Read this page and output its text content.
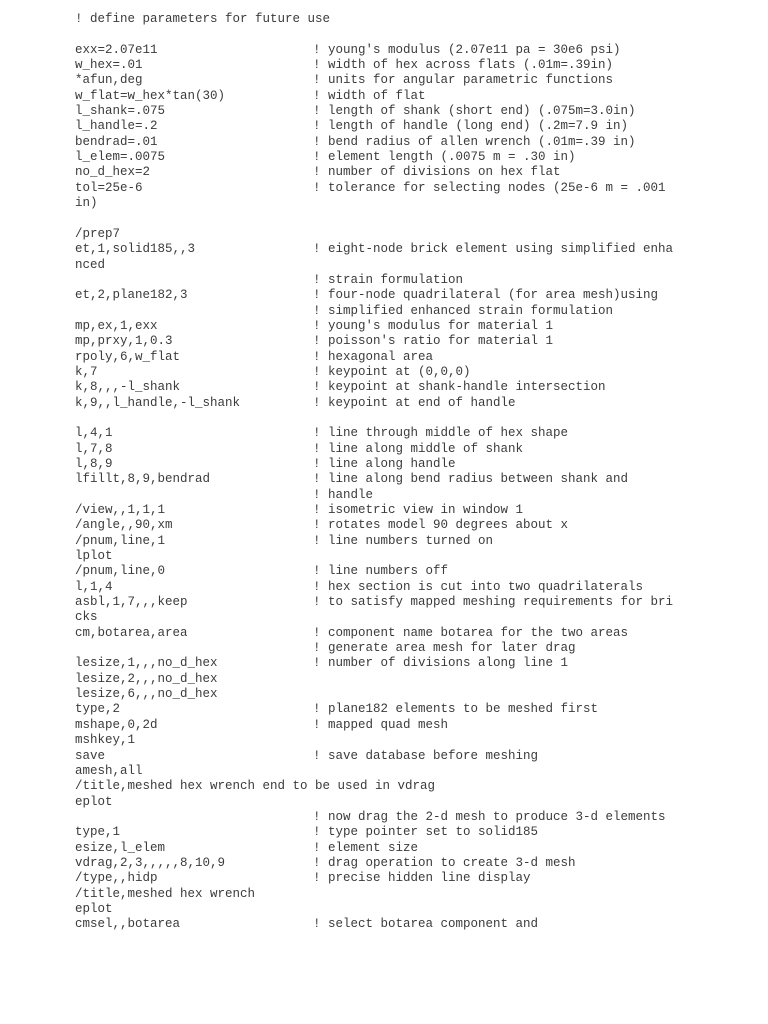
! define parameters for future use
exx=2.07e11	! young's modulus (2.07e11 pa = 30e6 psi)
w_hex=.01	! width of hex across flats (.01m=.39in)
*afun,deg	! units for angular parametric functions
w_flat=w_hex*tan(30)	! width of flat
l_shank=.075	! length of shank (short end) (.075m=3.0in)
l_handle=.2	! length of handle (long end) (.2m=7.9 in)
bendrad=.01	! bend radius of allen wrench (.01m=.39 in)
l_elem=.0075	! element length (.0075 m = .30 in)
no_d_hex=2	! number of divisions on hex flat
tol=25e-6	! tolerance for selecting nodes (25e-6 m = .001
in)
/prep7
et,1,solid185,,3	! eight-node brick element using simplified enha
nced
! strain formulation
et,2,plane182,3	! four-node quadrilateral (for area mesh)using
! simplified enhanced strain formulation
mp,ex,1,exx	! young's modulus for material 1
mp,prxy,1,0.3	! poisson's ratio for material 1
rpoly,6,w_flat	! hexagonal area
k,7	! keypoint at (0,0,0)
k,8,,,-l_shank	! keypoint at shank-handle intersection
k,9,,l_handle,-l_shank	! keypoint at end of handle
l,4,1	! line through middle of hex shape
l,7,8	! line along middle of shank
l,8,9	! line along handle
lfillt,8,9,bendrad	! line along bend radius between shank and
! handle
/view,,1,1,1	! isometric view in window 1
/angle,,90,xm	! rotates model 90 degrees about x
/pnum,line,1	! line numbers turned on
lplot
/pnum,line,0	! line numbers off
l,1,4	! hex section is cut into two quadrilaterals
asbl,1,7,,,keep	! to satisfy mapped meshing requirements for bri
cks
cm,botarea,area	! component name botarea for the two areas
! generate area mesh for later drag
lesize,1,,,no_d_hex	! number of divisions along line 1
lesize,2,,,no_d_hex
lesize,6,,,no_d_hex
type,2	! plane182 elements to be meshed first
mshape,0,2d	! mapped quad mesh
mshkey,1
save	! save database before meshing
amesh,all
/title,meshed hex wrench end to be used in vdrag
eplot
! now drag the 2-d mesh to produce 3-d elements
type,1	! type pointer set to solid185
esize,l_elem	! element size
vdrag,2,3,,,,,8,10,9	! drag operation to create 3-d mesh
/type,,hidp	! precise hidden line display
/title,meshed hex wrench
eplot
cmsel,,botarea	! select botarea component and
